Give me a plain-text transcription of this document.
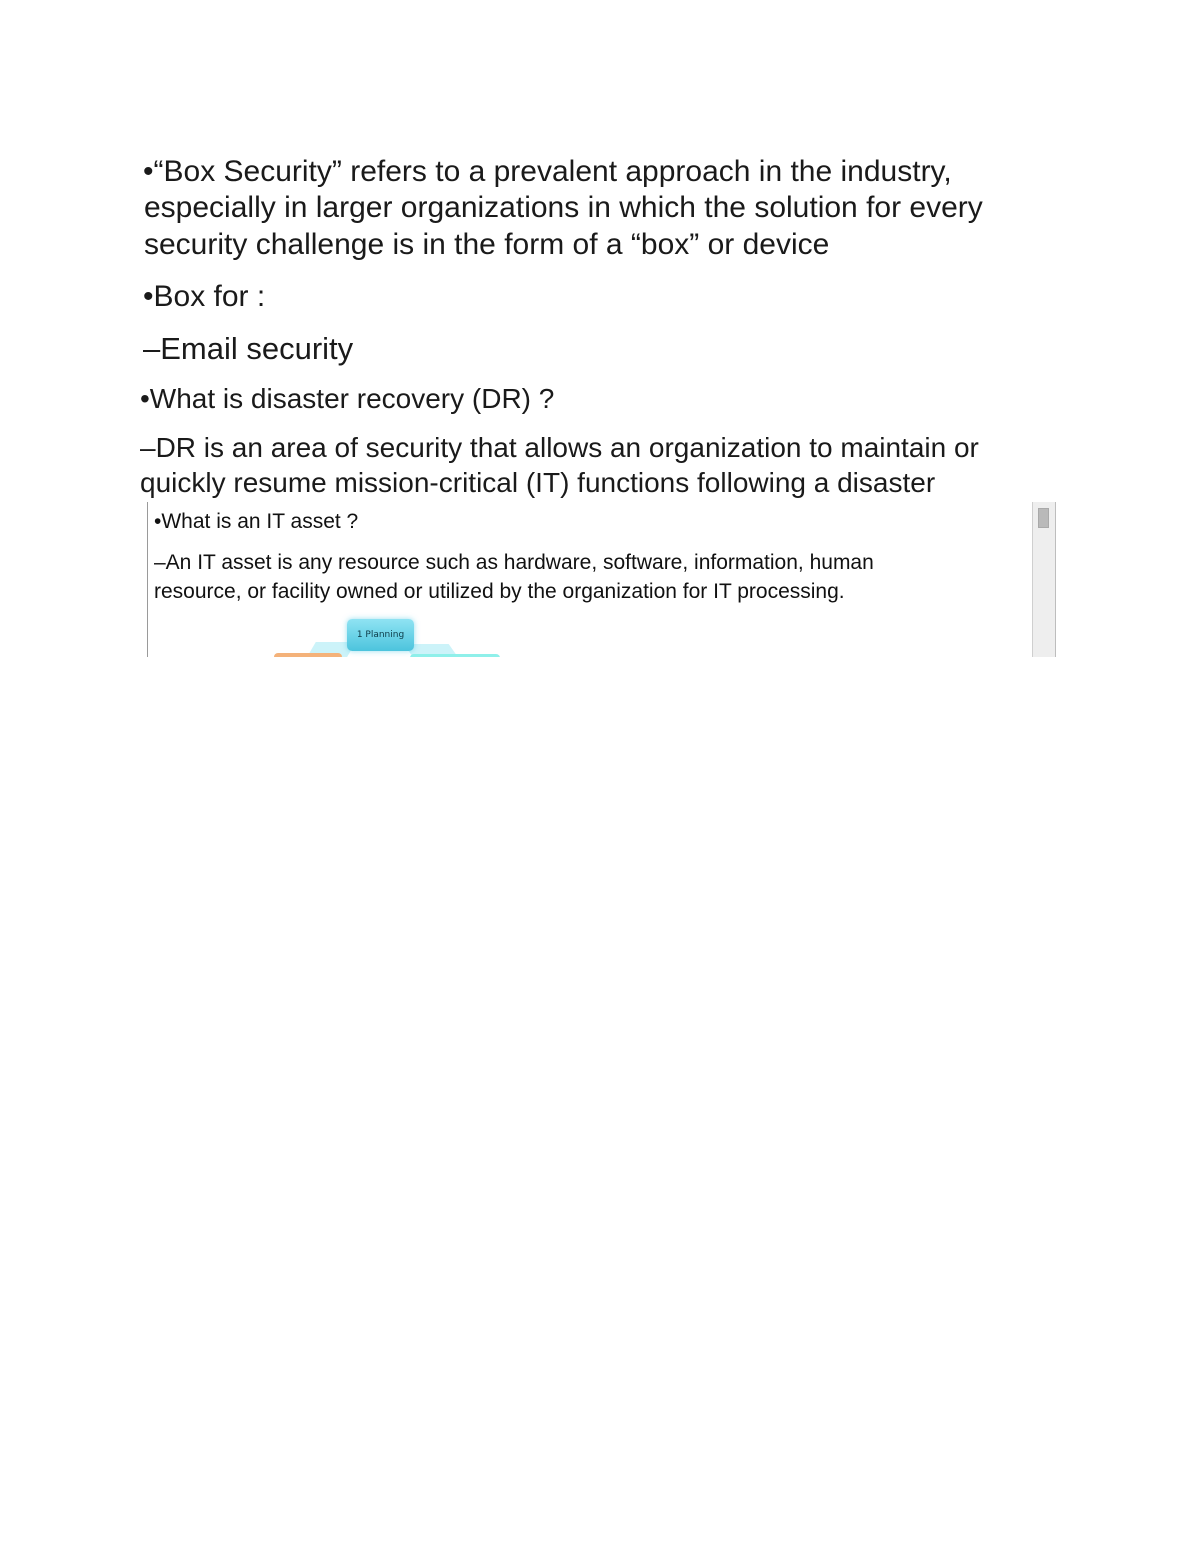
•“Box Security” refers to a prevalent approach in the industry,

especially in larger organizations in which the solution for every

security challenge is in the form of a “box” or device

•Box for :

–Email security

•What is disaster recovery (DR) ?

–DR is an area of security that allows an organization to maintain or

quickly resume mission-critical (IT) functions following a disaster

•What is an IT asset ?

–An IT asset is any resource such as hardware, software, information, human

resource, or facility owned or utilized by the organization for IT processing.

1 Planning
